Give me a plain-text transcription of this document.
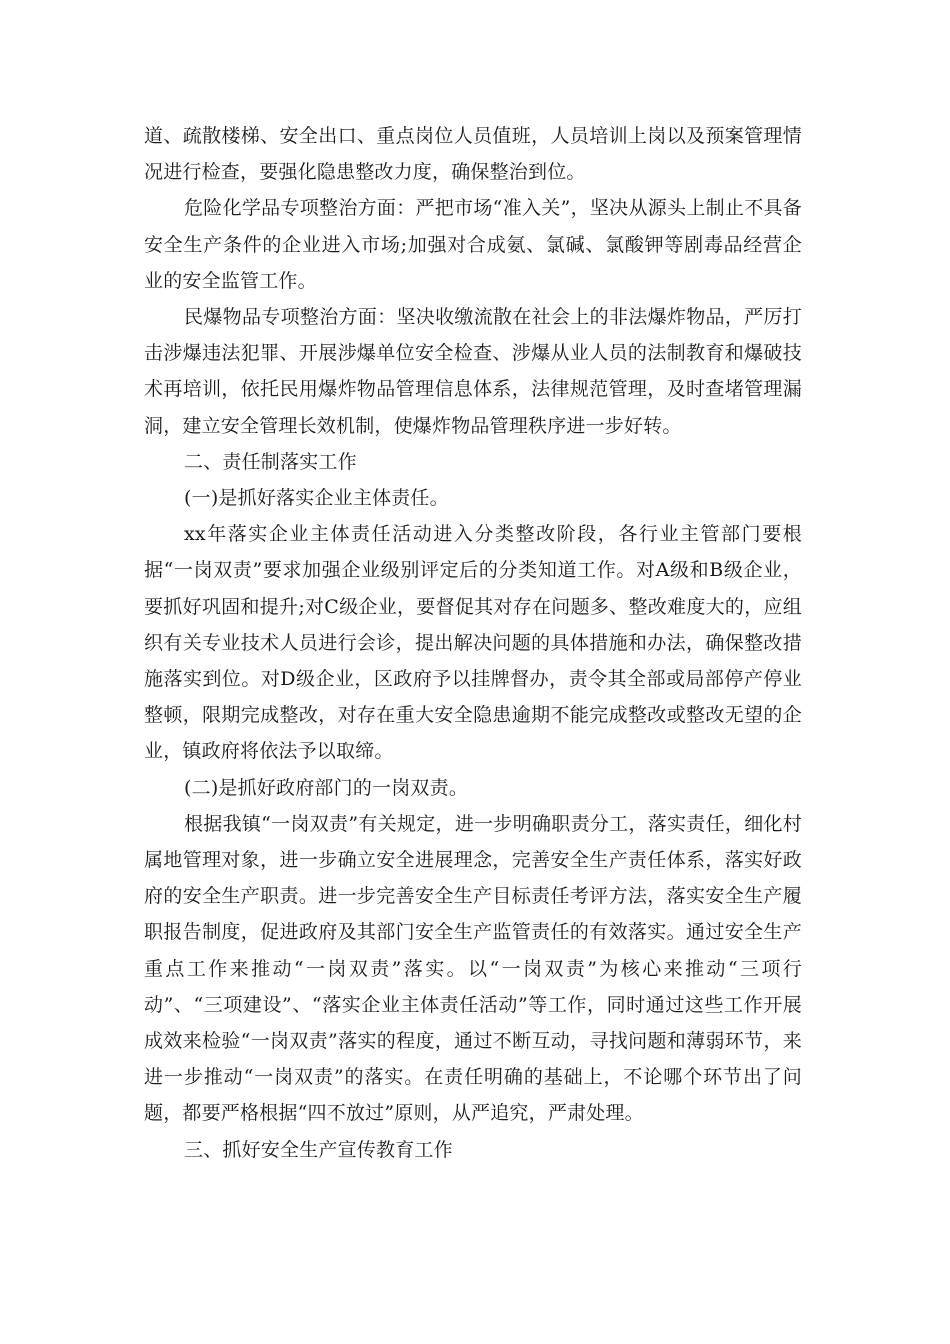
道、疏散楼梯、安全出口、重点岗位人员值班，人员培训上岗以及预案管理情况进行检查，要强化隐患整改力度，确保整治到位。

危险化学品专项整治方面：严把市场“准入关”，坚决从源头上制止不具备安全生产条件的企业进入市场;加强对合成氨、氯碱、氯酸钾等剧毒品经营企业的安全监管工作。

民爆物品专项整治方面：坚决收缴流散在社会上的非法爆炸物品，严厉打击涉爆违法犯罪、开展涉爆单位安全检查、涉爆从业人员的法制教育和爆破技术再培训，依托民用爆炸物品管理信息体系，法律规范管理，及时查堵管理漏洞，建立安全管理长效机制，使爆炸物品管理秩序进一步好转。

二、责任制落实工作

(一)是抓好落实企业主体责任。

xx年落实企业主体责任活动进入分类整改阶段，各行业主管部门要根据“一岗双责”要求加强企业级别评定后的分类知道工作。对A级和B级企业，要抓好巩固和提升;对C级企业，要督促其对存在问题多、整改难度大的，应组织有关专业技术人员进行会诊，提出解决问题的具体措施和办法，确保整改措施落实到位。对D级企业，区政府予以挂牌督办，责令其全部或局部停产停业整顿，限期完成整改，对存在重大安全隐患逾期不能完成整改或整改无望的企业，镇政府将依法予以取缔。

(二)是抓好政府部门的一岗双责。

根据我镇“一岗双责”有关规定，进一步明确职责分工，落实责任，细化村属地管理对象，进一步确立安全进展理念，完善安全生产责任体系，落实好政府的安全生产职责。进一步完善安全生产目标责任考评方法，落实安全生产履职报告制度，促进政府及其部门安全生产监管责任的有效落实。通过安全生产重点工作来推动“一岗双责”落实。以“一岗双责”为核心来推动“三项行动”、“三项建设”、“落实企业主体责任活动”等工作，同时通过这些工作开展成效来检验“一岗双责”落实的程度，通过不断互动，寻找问题和薄弱环节，来进一步推动“一岗双责”的落实。在责任明确的基础上，不论哪个环节出了问题，都要严格根据“四不放过”原则，从严追究，严肃处理。

三、抓好安全生产宣传教育工作
